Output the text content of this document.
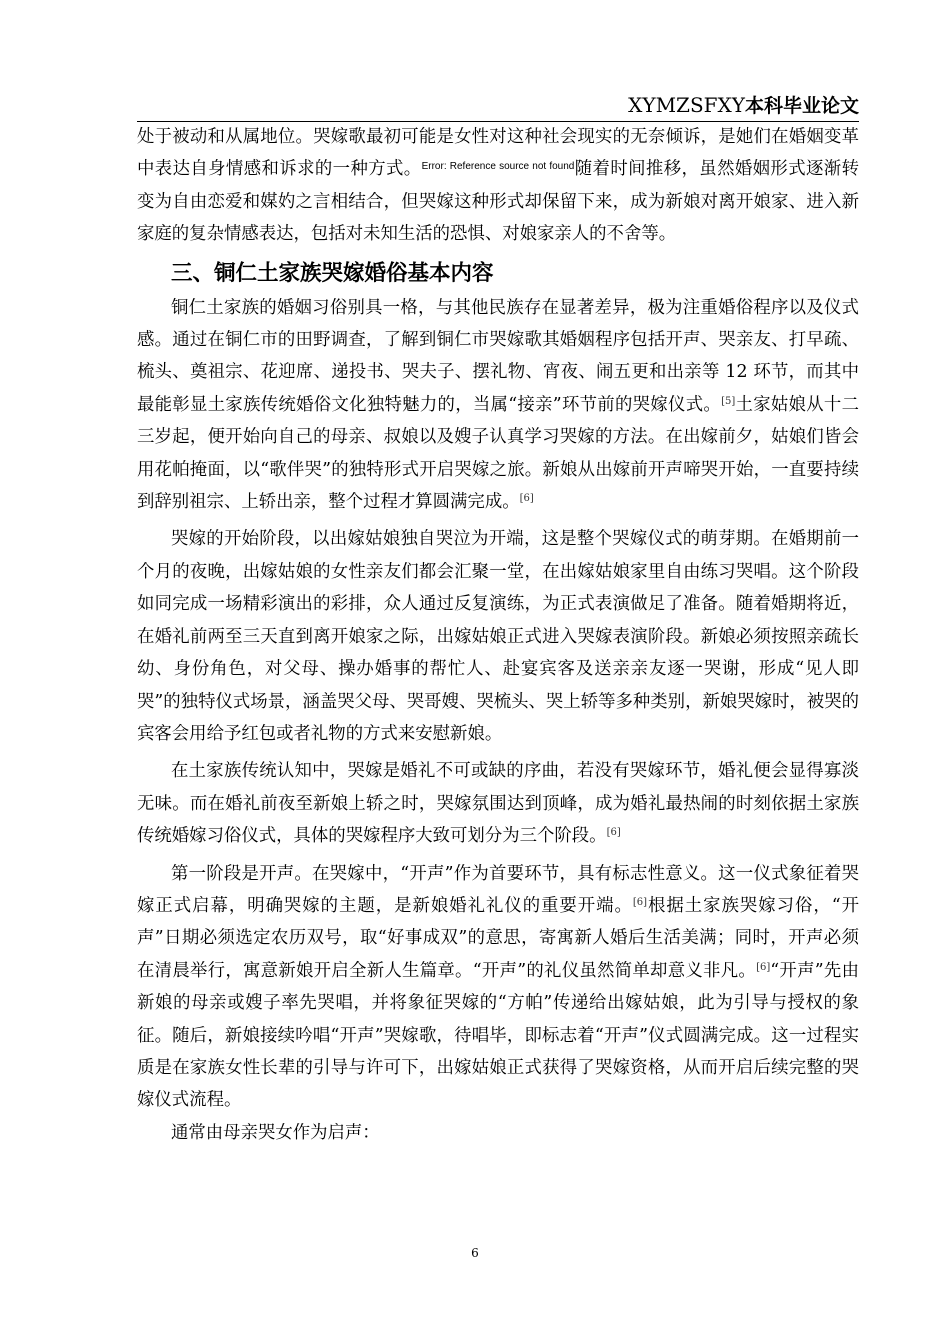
XYMZSFXY本科毕业论文

处于被动和从属地位。哭嫁歌最初可能是女性对这种社会现实的无奈倾诉，是她们在婚姻变革中表达自身情感和诉求的一种方式。$^{Error: Reference source not found}$随着时间推移，虽然婚姻形式逐渐转变为自由恋爱和媒妁之言相结合，但哭嫁这种形式却保留下来，成为新娘对离开娘家、进入新家庭的复杂情感表达，包括对未知生活的恐惧、对娘家亲人的不舍等。

三、铜仁土家族哭嫁婚俗基本内容

铜仁土家族的婚姻习俗别具一格，与其他民族存在显著差异，极为注重婚俗程序以及仪式感。通过在铜仁市的田野调查，了解到铜仁市哭嫁歌其婚姻程序包括开声、哭亲友、打早疏、梳头、奠祖宗、花迎席、递投书、哭夫子、摆礼物、宵夜、闹五更和出亲等 12 环节，而其中最能彰显土家族传统婚俗文化独特魅力的，当属“接亲”环节前的哭嫁仪式。[5]土家姑娘从十二三岁起，便开始向自己的母亲、叔娘以及嫂子认真学习哭嫁的方法。在出嫁前夕，姑娘们皆会用花帕掩面，以“歌伴哭”的独特形式开启哭嫁之旅。新娘从出嫁前开声啼哭开始，一直要持续到辞别祖宗、上轿出亲，整个过程才算圆满完成。[6]

哭嫁的开始阶段，以出嫁姑娘独自哭泣为开端，这是整个哭嫁仪式的萌芽期。在婚期前一个月的夜晚，出嫁姑娘的女性亲友们都会汇聚一堂，在出嫁姑娘家里自由练习哭唱。这个阶段如同完成一场精彩演出的彩排，众人通过反复演练，为正式表演做足了准备。随着婚期将近，在婚礼前两至三天直到离开娘家之际，出嫁姑娘正式进入哭嫁表演阶段。新娘必须按照亲疏长幼、身份角色，对父母、操办婚事的帮忙人、赴宴宾客及送亲亲友逐一哭谢，形成“见人即哭”的独特仪式场景，涵盖哭父母、哭哥嫂、哭梳头、哭上轿等多种类别，新娘哭嫁时，被哭的宾客会用给予红包或者礼物的方式来安慰新娘。

在土家族传统认知中，哭嫁是婚礼不可或缺的序曲，若没有哭嫁环节，婚礼便会显得寡淡无味。而在婚礼前夜至新娘上轿之时，哭嫁氛围达到顶峰，成为婚礼最热闹的时刻依据土家族传统婚嫁习俗仪式，具体的哭嫁程序大致可划分为三个阶段。[6]

第一阶段是开声。在哭嫁中，“开声”作为首要环节，具有标志性意义。这一仪式象征着哭嫁正式启幕，明确哭嫁的主题，是新娘婚礼礼仪的重要开端。[6]根据土家族哭嫁习俗，“开声”日期必须选定农历双号，取“好事成双”的意思，寄寓新人婚后生活美满；同时，开声必须在清晨举行，寓意新娘开启全新人生篇章。“开声”的礼仪虽然简单却意义非凡。[6]“开声”先由新娘的母亲或嫂子率先哭唱，并将象征哭嫁的“方帕”传递给出嫁姑娘，此为引导与授权的象征。随后，新娘接续吟唱“开声”哭嫁歌，待唱毕，即标志着“开声”仪式圆满完成。这一过程实质是在家族女性长辈的引导与许可下，出嫁姑娘正式获得了哭嫁资格，从而开启后续完整的哭嫁仪式流程。

通常由母亲哭女作为启声：

6
